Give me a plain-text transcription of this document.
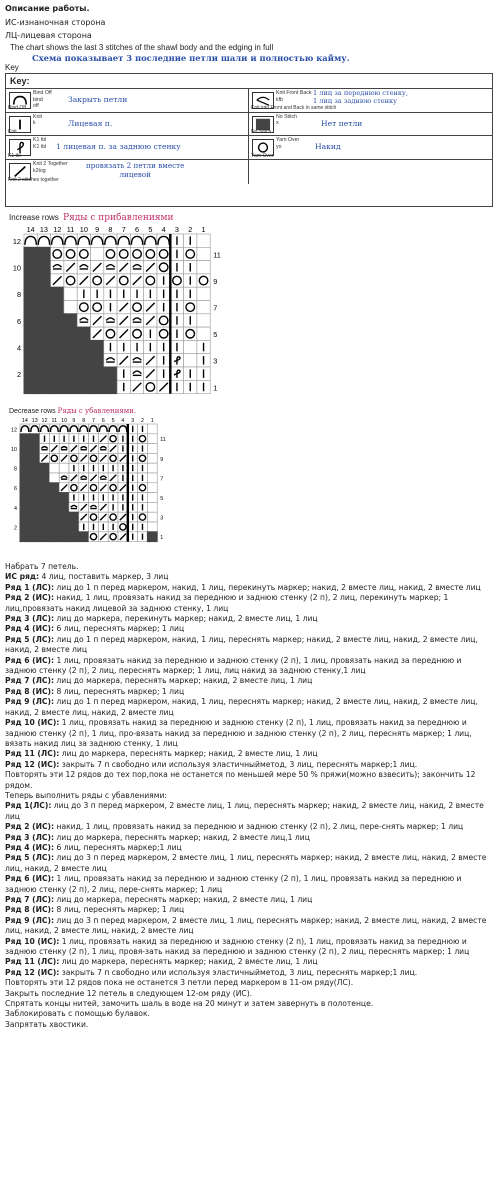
Описание работы.
ИС-изнаночная сторона
ЛЦ-лицевая сторона
The chart shows the last 3 stitches of the shawl body and the edging in full
Схема показывает 3 последние петли шали и полностью кайму.
Key
Key:
Bind Off
bind
off
Bind Off
Закрыть петли
Knit Front Back
kfb
Knit into Front and Back in same stitch
1 лиц за переднюю стенку,
1 лиц за заднюю стенку
Knit
k
Knit
Лицевая п.
No Stitch
x
No Stitch
Нет петли
K1 tbl
K1 tbl
K1 tbl
1 лицевая п. за заднюю стенку
Yarn Over
yo
Yarn Over
Накид
Knit 2 Together
k2tog
Knit 2 stitches together
провязать 2 петли вместе
лицевой
Increase rows Ряды с прибавлениями
14 13 12 11 10 9 8 7 6 5 4 3 2 1
12
10
8
6
4
2
11
9
7
5
3
1
Decrease rows Ряды с убавлениями.
14 13 12 11 10 9 8 7 6 5 4 3 2 1
12
10
8
6
4
2
11
9
7
5
3
1
Набрать 7 петель.
ИС ряд: 4 лиц, поставить маркер, 3 лиц
Ряд 1 (ЛС): лиц до 1 п перед маркером, накид, 1 лиц, перекинуть маркер; накид, 2 вместе лиц, накид, 2 вместе лиц
Ряд 2 (ИС): накид, 1 лиц, провязать накид за переднюю и заднюю стенку (2 п), 2 лиц, перекинуть маркер; 1 лиц,провязать накид лицевой за заднюю стенку, 1 лиц
Ряд 3 (ЛС): лиц до маркера, перекинуть маркер; накид, 2 вместе лиц, 1 лиц
Ряд 4 (ИС): 6 лиц, переснять маркер; 1 лиц
Ряд 5 (ЛС): лиц до 1 п перед маркером, накид, 1 лиц, переснять маркер; накид, 2 вместе лиц, накид, 2 вместе лиц, накид, 2 вместе лиц
Ряд 6 (ИС): 1 лиц, провязать накид за переднюю и заднюю стенку (2 п), 1 лиц, провязать накид за переднюю и заднюю стенку (2 п), 2 лиц, переснять маркер; 1 лиц, лиц накид за заднюю стенку,1 лиц
Ряд 7 (ЛС): лиц до маркера, переснять маркер; накид, 2 вместе лиц, 1 лиц
Ряд 8 (ИС): 8 лиц, переснять маркер; 1 лиц
Ряд 9 (ЛС): лиц до 1 п перед маркером, накид, 1 лиц, переснять маркер; накид, 2 вместе лиц, накид, 2 вместе лиц, накид, 2 вместе лиц, накид, 2 вместе лиц
Ряд 10 (ИС): 1 лиц, провязать накид за переднюю и заднюю стенку (2 п), 1 лиц, провязать накид за переднюю и заднюю стенку (2 п), 1 лиц, про-вязать накид за переднюю и заднюю стенку (2 п), 2 лиц, переснять маркер; 1 лиц, вязать накид лиц за заднюю стенку, 1 лиц
Ряд 11 (ЛС): лиц до маркера, переснять маркер; накид, 2 вместе лиц, 1 лиц
Ряд 12 (ИС): закрыть 7 п свободно или используя эластичныйметод, 3 лиц, переснять маркер;1 лиц.
Повторять эти 12 рядов до тех пор,пока не останется по меньшей мере 50 % пряжи(можно взвесить); закончить 12 рядом.
Теперь выполнить ряды с убавлениями:
Ряд 1(ЛС): лиц до 3 п перед маркером, 2 вместе лиц, 1 лиц, переснять маркер; накид, 2 вместе лиц, накид, 2 вместе лиц
Ряд 2 (ИС): накид, 1 лиц, провязать накид за переднюю и заднюю стенку (2 п), 2 лиц, пере-снять маркер; 1 лиц
Ряд 3 (ЛС): лиц до маркера, переснять маркер; накид, 2 вместе лиц,1 лиц
Ряд 4 (ИС): 6 лиц, переснять маркер;1 лиц
Ряд 5 (ЛС): лиц до 3 п перед маркером, 2 вместе лиц, 1 лиц, переснять маркер; накид, 2 вместе лиц, накид, 2 вместе лиц, накид, 2 вместе лиц
Ряд 6 (ИС): 1 лиц, провязать накид за переднюю и заднюю стенку (2 п), 1 лиц, провязать накид за переднюю и заднюю стенку (2 п), 2 лиц, пере-снять маркер; 1 лиц
Ряд 7 (ЛС): лиц до маркера, переснять маркер; накид, 2 вместе лиц, 1 лиц
Ряд 8 (ИС): 8 лиц, переснять маркер; 1 лиц
Ряд 9 (ЛС): лиц до 3 п перед маркером, 2 вместе лиц, 1 лиц, переснять маркер; накид, 2 вместе лиц, накид, 2 вместе лиц, накид, 2 вместе лиц, накид, 2 вместе лиц
Ряд 10 (ИС): 1 лиц, провязать накид за переднюю и заднюю стенку (2 п), 1 лиц, провязать накид за переднюю и заднюю стенку (2 п), 1 лиц, провя-зать накид за переднюю и заднюю стенку (2 п), 2 лиц, переснять маркер; 1 лиц
Ряд 11 (ЛС): лиц до маркера, переснять маркер; накид, 2 вместе лиц, 1 лиц
Ряд 12 (ИС): закрыть 7 п свободно или используя эластичныйметод, 3 лиц, переснять маркер;1 лиц.
Повторять эти 12 рядов пока не останется 3 петли перед маркером в 11-ом ряду(ЛС).
Закрыть последние 12 петель в следующем 12-ом ряду (ИС).
Спрятать концы нитей, замочить шаль в воде на 20 минут и затем завернуть в полотенце.
Заблокировать с помощью булавок.
Запрятать хвостики.
